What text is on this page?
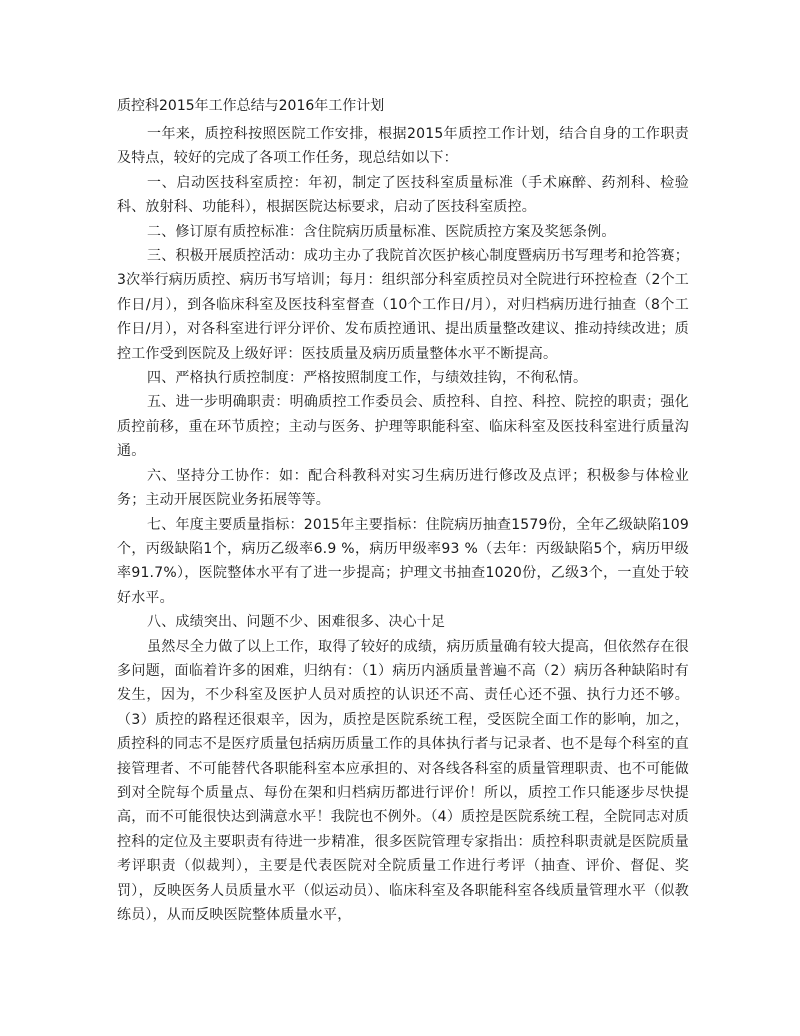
质控科2015年工作总结与2016年工作计划

一年来，质控科按照医院工作安排，根据2015年质控工作计划，结合自身的工作职责及特点，较好的完成了各项工作任务，现总结如以下：

一、启动医技科室质控：年初，制定了医技科室质量标准（手术麻醉、药剂科、检验科、放射科、功能科），根据医院达标要求，启动了医技科室质控。

二、修订原有质控标准：含住院病历质量标准、医院质控方案及奖惩条例。

三、积极开展质控活动：成功主办了我院首次医护核心制度暨病历书写理考和抢答赛；3次举行病历质控、病历书写培训；每月：组织部分科室质控员对全院进行环控检查（2个工作日/月），到各临床科室及医技科室督查（10个工作日/月），对归档病历进行抽查（8个工作日/月），对各科室进行评分评价、发布质控通讯、提出质量整改建议、推动持续改进；质控工作受到医院及上级好评：医技质量及病历质量整体水平不断提高。

四、严格执行质控制度：严格按照制度工作，与绩效挂钩，不徇私情。

五、进一步明确职责：明确质控工作委员会、质控科、自控、科控、院控的职责；强化质控前移，重在环节质控；主动与医务、护理等职能科室、临床科室及医技科室进行质量沟通。

六、坚持分工协作：如：配合科教科对实习生病历进行修改及点评；积极参与体检业务；主动开展医院业务拓展等等。

七、年度主要质量指标：2015年主要指标：住院病历抽查1579份，全年乙级缺陷109个，丙级缺陷1个，病历乙级率6.9 %，病历甲级率93 %（去年：丙级缺陷5个，病历甲级率91.7%），医院整体水平有了进一步提高；护理文书抽查1020份，乙级3个，一直处于较好水平。

八、成绩突出、问题不少、困难很多、决心十足

虽然尽全力做了以上工作，取得了较好的成绩，病历质量确有较大提高，但依然存在很多问题，面临着许多的困难，归纳有：（1）病历内涵质量普遍不高（2）病历各种缺陷时有发生，因为，不少科室及医护人员对质控的认识还不高、责任心还不强、执行力还不够。（3）质控的路程还很艰辛，因为，质控是医院系统工程，受医院全面工作的影响，加之，质控科的同志不是医疗质量包括病历质量工作的具体执行者与记录者、也不是每个科室的直接管理者、不可能替代各职能科室本应承担的、对各线各科室的质量管理职责、也不可能做到对全院每个质量点、每份在架和归档病历都进行评价！所以，质控工作只能逐步尽快提高，而不可能很快达到满意水平！我院也不例外。（4）质控是医院系统工程，全院同志对质控科的定位及主要职责有待进一步精准，很多医院管理专家指出：质控科职责就是医院质量考评职责（似裁判），主要是代表医院对全院质量工作进行考评（抽查、评价、督促、奖罚），反映医务人员质量水平（似运动员）、临床科室及各职能科室各线质量管理水平（似教练员），从而反映医院整体质量水平，
